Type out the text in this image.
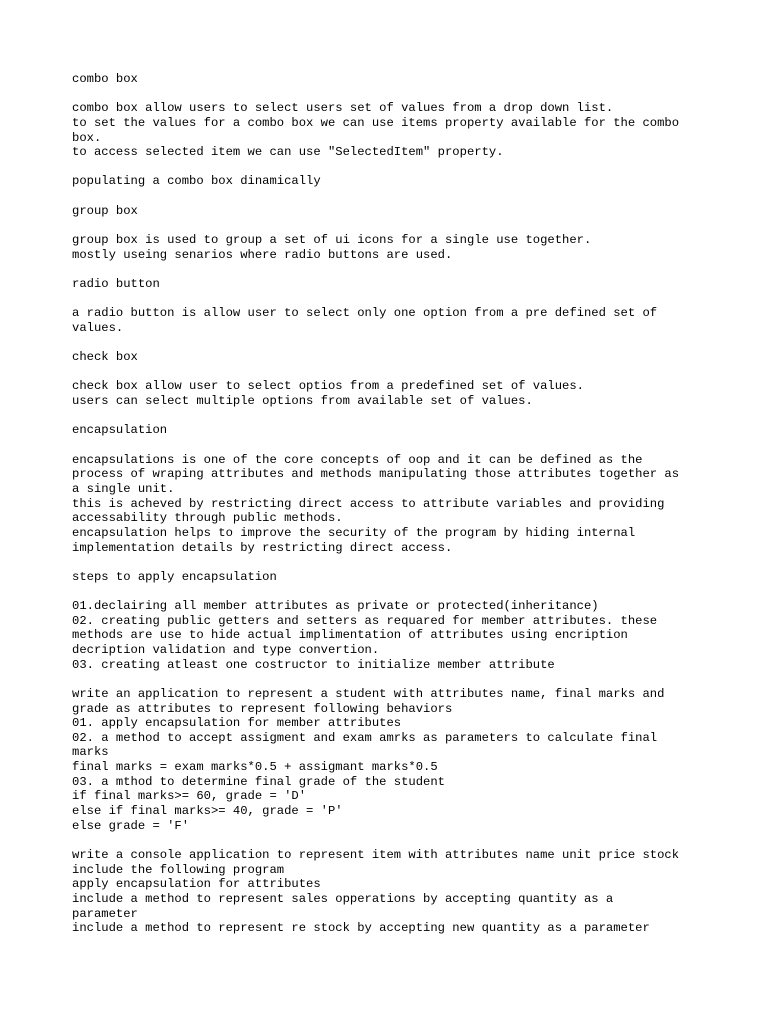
combo box
combo box allow users to select users set of values from a drop down list.
to set the values for a combo box we can use items property available for the combo
box.
to access selected item we can use "SelectedItem" property.
populating a combo box dinamically
group box
group box is used to group a set of ui icons for a single use together.
mostly useing senarios where radio buttons are used.
radio button
a radio button is allow user to select only one option from a pre defined set of
values.
check box
check box allow user to select optios from a predefined set of values.
users can select multiple options from available set of values.
encapsulation
encapsulations is one of the core concepts of oop and it can be defined as the
process of wraping attributes and methods manipulating those attributes together as
a single unit.
this is acheved by restricting direct access to attribute variables and providing
accessability through public methods.
encapsulation helps to improve the security of the program by hiding internal
implementation details by restricting direct access.
steps to apply encapsulation
01.declairing all member attributes as private or protected(inheritance)
02. creating public getters and setters as requared for member attributes. these
methods are use to hide actual implimentation of attributes using encription
decription validation and type convertion.
03. creating atleast one costructor to initialize member attribute
write an application to represent a student with attributes name, final marks and
grade as attributes to represent following behaviors
01. apply encapsulation for member attributes
02. a method to accept assigment and exam amrks as parameters to calculate final
marks
final marks = exam marks*0.5 + assigmant marks*0.5
03. a mthod to determine final grade of the student
if final marks>= 60, grade = 'D'
else if final marks>= 40, grade = 'P'
else grade = 'F'
write a console application to represent item with attributes name unit price stock
include the following program
apply encapsulation for attributes
include a method to represent sales opperations by accepting quantity as a
parameter
include a method to represent re stock by accepting new quantity as a parameter
